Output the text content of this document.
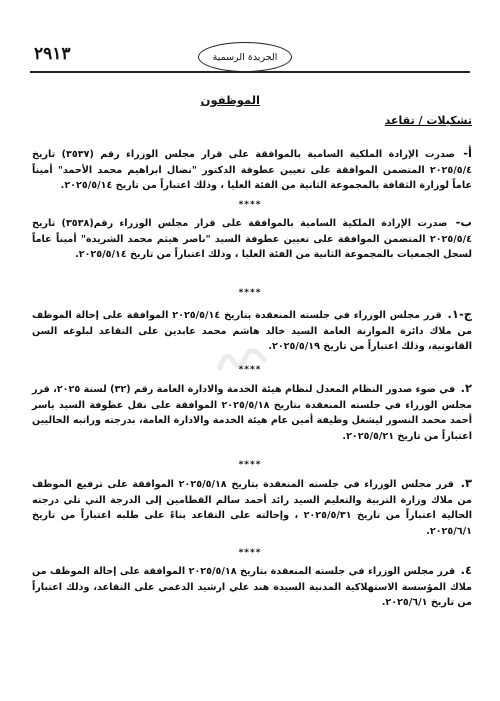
٢٩١٣	الجريدة الرسمية
الموظفون
تشكيلات / تقاعد
أ- صدرت الإرادة الملكية السامية بالموافقة على قرار مجلس الوزراء رقم (٣٥٣٧) تاريخ ٢٠٢٥/٥/٤ المتضمن الموافقة على تعيين عطوفة الدكتور "نضال ابراهيم محمد الأحمد" أميناً عاماً لوزارة الثقافة بالمجموعة الثانية من الفئة العليا ، وذلك اعتباراً من تاريخ ٢٠٢٥/٥/١٤.
****
ب- صدرت الإرادة الملكية السامية بالموافقة على قرار مجلس الوزراء رقم(٣٥٣٨) تاريخ ٢٠٢٥/٥/٤ المتضمن الموافقة على تعيين عطوفة السيد "ناصر هيثم محمد الشريدة" أميناً عاماً لسجل الجمعيات بالمجموعة الثانية من الفئة العليا ، وذلك اعتباراً من تاريخ ٢٠٢٥/٥/١٤.
****
ج-١. قرر مجلس الوزراء في جلسته المنعقدة بتاريخ ٢٠٢٥/٥/١٤ الموافقة على إحالة الموظف من ملاك دائرة الموازنة العامة السيد خالد هاشم محمد عابدين على التقاعد لبلوغه السن القانونية، وذلك اعتباراً من تاريخ ٢٠٢٥/٥/١٩.
****
٢. في ضوء صدور النظام المعدل لنظام هيئة الخدمة والادارة العامة رقم (٣٢) لسنة ٢٠٢٥، قرر مجلس الوزراء في جلسته المنعقدة بتاريخ ٢٠٢٥/٥/١٨ الموافقة على نقل عطوفة السيد ياسر أحمد محمد النسور ليشغل وظيفة أمين عام هيئة الخدمة والادارة العامة، بدرجته وراتبه الحاليين اعتباراً من تاريخ ٢٠٢٥/٥/٢١.
****
٣. قرر مجلس الوزراء في جلسته المنعقدة بتاريخ ٢٠٢٥/٥/١٨ الموافقة على ترفيع الموظف من ملاك وزارة التربية والتعليم السيد رائد أحمد سالم القطامين إلى الدرجة التي تلي درجته الحالية اعتباراً من تاريخ ٢٠٢٥/٥/٣١ ، وإحالته على التقاعد بناءً على طلبه اعتباراً من تاريخ ٢٠٢٥/٦/١.
****
٤. قرر مجلس الوزراء في جلسته المنعقدة بتاريخ ٢٠٢٥/٥/١٨ الموافقة على إحالة الموظف من ملاك المؤسسة الاستهلاكية المدنية السيدة هند علي ارشيد الدغمي على التقاعد، وذلك اعتباراً من تاريخ ٢٠٢٥/٦/١.
